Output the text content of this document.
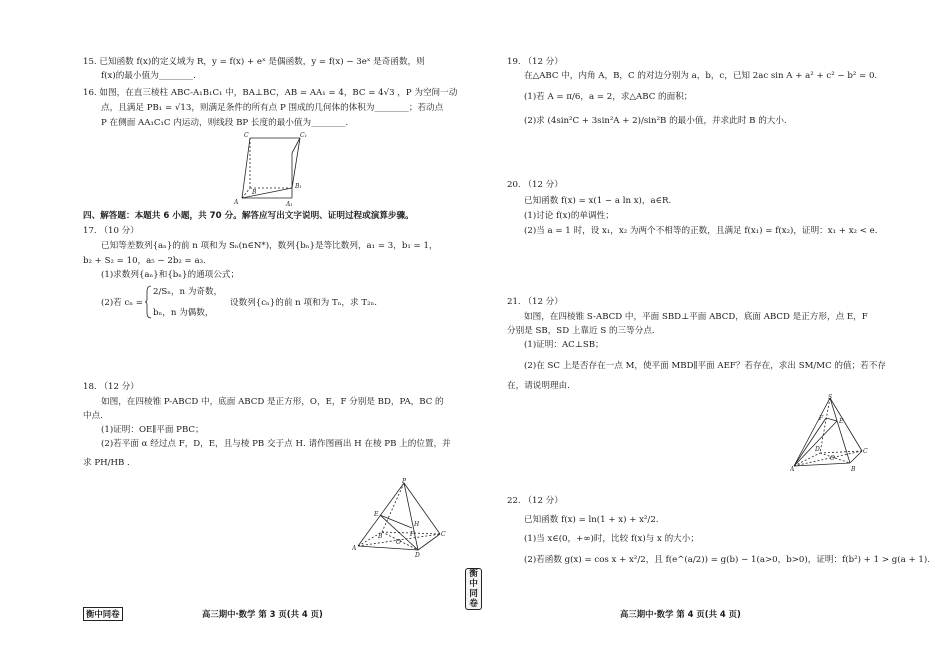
15. 已知函数 f(x)的定义域为 R，y = f(x) + eˣ 是偶函数，y = f(x) − 3eˣ 是奇函数，则
f(x)的最小值为________.
16. 如图，在直三棱柱 ABC-A₁B₁C₁ 中，BA⊥BC，AB = AA₁ = 4，BC = 4√3 ，P 为空间一动
点，且满足 PB₁ = √13，则满足条件的所有点 P 围成的几何体的体积为________；若动点
P 在侧面 AA₁C₁C 内运动，则线段 BP 长度的最小值为________.
C	C₁
A
B
A₁
B₁
四、解答题：本题共 6 小题，共 70 分。解答应写出文字说明、证明过程或演算步骤。
17. （10 分）
已知等差数列{aₙ}的前 n 项和为 Sₙ(n∈N*)，数列{bₙ}是等比数列，a₁ = 3，b₁ = 1，
b₂ + S₂ = 10，a₅ − 2b₂ = a₃.
(1)求数列{aₙ}和{bₙ}的通项公式；
(2)若 cₙ =
2/Sₙ，n 为奇数，
bₙ，n 为偶数，
设数列{cₙ}的前 n 项和为 Tₙ，求 T₂ₙ.
18. （12 分）
如图，在四棱锥 P-ABCD 中，底面 ABCD 是正方形，O，E，F 分别是 BD，PA，BC 的
中点.
(1)证明：OE∥平面 PBC；
(2)若平面 α 经过点 F，D，E，且与棱 PB 交于点 H. 请作图画出 H 在棱 PB 上的位置，并
求 PH/HB .
P
E
H
A
B	C
D
O
F
衡中同卷	高三期中·数学 第 3 页(共 4 页)
衡
中
同
卷
19. （12 分）
在△ABC 中，内角 A，B，C 的对边分别为 a，b，c，已知 2ac sin A + a² + c² − b² = 0.
(1)若 A = π/6，a = 2，求△ABC 的面积；
(2)求 (4sin²C + 3sin²A + 2)/sin²B 的最小值，并求此时 B 的大小.
20. （12 分）
已知函数 f(x) = x(1 − a ln x)，a∈R.
(1)讨论 f(x)的单调性；
(2)当 a = 1 时，设 x₁，x₂ 为两个不相等的正数，且满足 f(x₁) = f(x₂)，证明：x₁ + x₂ < e.
21. （12 分）
如图，在四棱锥 S-ABCD 中，平面 SBD⊥平面 ABCD，底面 ABCD 是正方形，点 E，F
分别是 SB，SD 上靠近 S 的三等分点.
(1)证明：AC⊥SB；
(2)在 SC 上是否存在一点 M，使平面 MBD∥平面 AEF？若存在，求出 SM/MC 的值；若不存
在，请说明理由.
S
E
F
A	B
C
D
O
22. （12 分）
已知函数 f(x) = ln(1 + x) + x²/2.
(1)当 x∈(0，+∞)时，比较 f(x)与 x 的大小；
(2)若函数 g(x) = cos x + x²/2，且 f(e^(a/2)) = g(b) − 1(a>0，b>0)，证明：f(b²) + 1 > g(a + 1).
高三期中·数学 第 4 页(共 4 页)
